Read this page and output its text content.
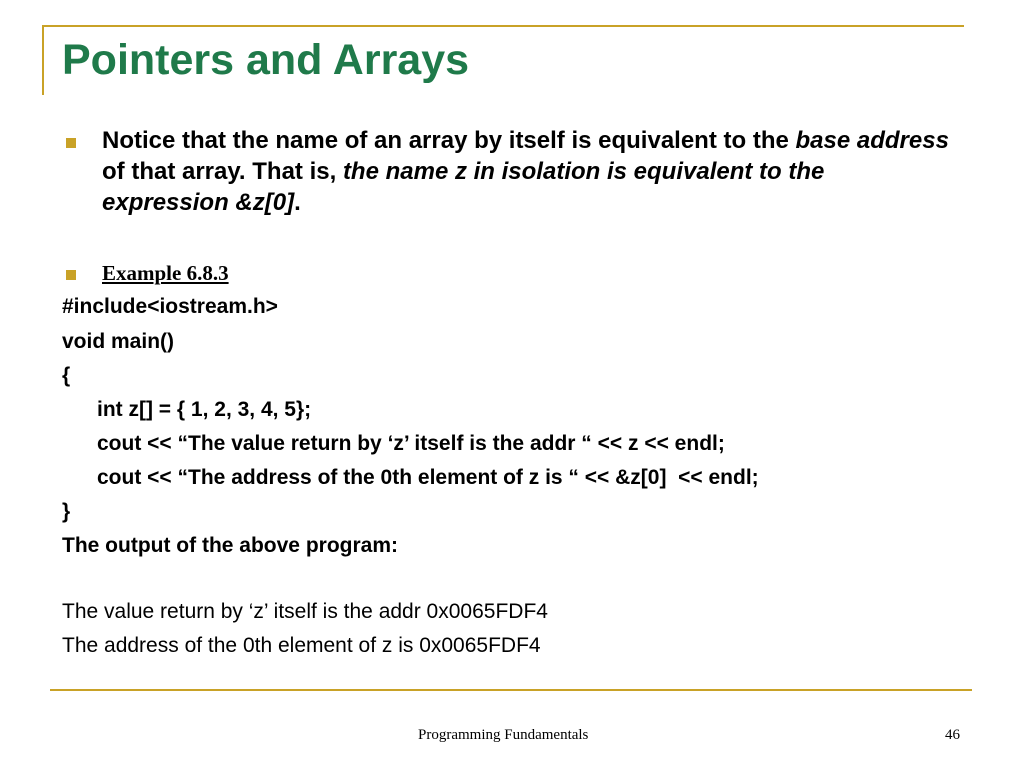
Pointers and Arrays
Notice that the name of an array by itself is equivalent to the base address of that array. That is, the name z in isolation is equivalent to the expression &z[0].
Example 6.8.3
#include<iostream.h>
void main()
{
int z[] = { 1, 2, 3, 4, 5};
cout << “The value return by ‘z’ itself is the addr “ << z << endl;
cout << “The address of the 0th element of z is “ << &z[0]  << endl;
}
The output of the above program:
The value return by ‘z’ itself is the addr 0x0065FDF4
The address of the 0th element of z is 0x0065FDF4
Programming Fundamentals	46
